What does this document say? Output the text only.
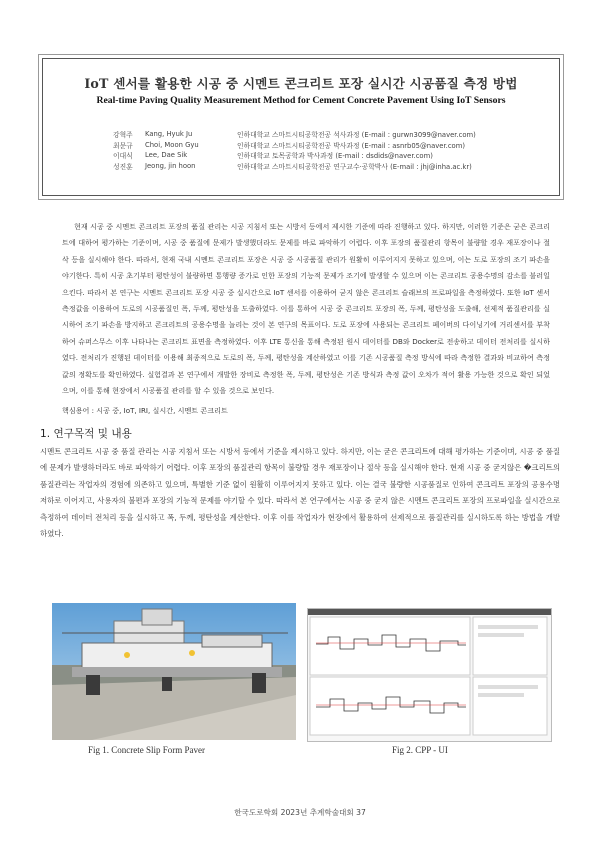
IoT 센서를 활용한 시공 중 시멘트 콘크리트 포장 실시간 시공품질 측정 방법
Real-time Paving Quality Measurement Method for Cement Concrete Pavement Using IoT Sensors
강혁주	Kang, Hyuk Ju	인하대학교 스마트시티공학전공 석사과정 (E-mail : gurwn3099@naver.com)
최문규	Choi, Moon Gyu	인하대학교 스마트시티공학전공 박사과정 (E-mail : asnrb05@naver.com)
이대식	Lee, Dae Sik	인하대학교 토목공학과 박사과정 (E-mail : dsdids@naver.com)
성진훈	Jeong, jin hoon	인하대학교 스마트시티공학전공 연구교수·공학박사 (E-mail : jhj@inha.ac.kr)

현재 시공 중 시멘트 콘크리트 포장의 품질 관리는 시공 지침서 또는 시방서 등에서 제시한 기준에 따라 진행하고 있다. 하지만, 이러한 기준은 굳은 콘크리트에 대하여 평가하는 기준이며, 시공 중 품질에 문제가 발생했더라도 문제를 바로 파악하기 어렵다. 이후 포장의 품질관리 항목이 불량할 경우 재포장이나 절삭 등을 실시해야 한다. 따라서, 현재 국내 시멘트 콘크리트 포장은 시공 중 시공품질 관리가 원활히 이루어지지 못하고 있으며, 이는 도로 포장의 조기 파손을 야기한다. 특히 시공 초기부터 평탄성이 불량하면 통행량 증가로 인한 포장의 기능적 문제가 조기에 발생할 수 있으며 이는 콘크리트 공용수명의 감소를 불러일으킨다. 따라서 본 연구는 시멘트 콘크리트 포장 시공 중 실시간으로 IoT 센서를 이용하여 굳지 않은 콘크리트 슬래브의 프로파일을 측정하였다. 또한 IoT 센서 측정값을 이용하여 도로의 시공품질인 폭, 두께, 평탄성을 도출하였다. 이를 통하여 시공 중 콘크리트 포장의 폭, 두께, 평탄성을 도출해, 선제적 품질관리를 실시하여 조기 파손을 방지하고 콘크리트의 공용수명을 늘리는 것이 본 연구의 목표이다. 도로 포장에 사용되는 콘크리트 페이버의 다이닝기에 거리센서를 부착하여 슈퍼스무스 이후 나타나는 콘크리트 표면을 측정하였다. 이후 LTE 통신을 통해 측정된 원시 데이터를 DB와 Docker로 전송하고 데이터 전처리를 실시하였다. 전처리가 진행된 데이터를 이용해 최종적으로 도로의 폭, 두께, 평탄성을 계산하였고 이를 기존 시공품질 측정 방식에 따라 측정한 결과와 비교하여 측정값의 정확도를 확인하였다. 실험결과 본 연구에서 개발한 장비로 측정한 폭, 두께, 평탄성은 기존 방식과 측정 값이 오차가 적어 활용 가능한 것으로 확인 되었으며, 이를 통해 현장에서 시공품질 관리를 할 수 있을 것으로 보인다.

핵심용어 : 시공 중, IoT, IRI, 실시간, 시멘트 콘크리트
1. 연구목적 및 내용

시멘트 콘크리트 시공 중 품질 관리는 시공 지침서 또는 시방서 등에서 기준을 제시하고 있다. 하지만, 이는 굳은 콘크리트에 대해 평가하는 기준이며, 시공 중 품질에 문제가 발생하더라도 바로 파악하기 어렵다. 이후 포장의 품질관리 항목이 불량할 경우 재포장이나 절삭 등을 실시해야 한다. 현재 시공 중 굳지않은 �크리트의 품질관리는 작업자의 경험에 의존하고 있으며, 특별한 기준 없이 원활히 이루어지지 못하고 있다. 이는 결국 불량한 시공품질로 인하여 콘크리트 포장의 공용수명 저하로 이어지고, 사용자의 불편과 포장의 기능적 문제를 야기할 수 있다. 따라서 본 연구에서는 시공 중 굳지 않은 시멘트 콘크리트 포장의 프로파일을 실시간으로 측정하여 데이터 전처리 등을 실시하고 폭, 두께, 평탄성을 계산한다. 이후 이를 작업자가 현장에서 활용하여 선제적으로 품질관리를 실시하도록 하는 방법을 개발하였다.

Fig 1. Concrete Slip Form Paver	Fig 2. CPP - UI
한국도로학회 2023년 추계학술대회 37
